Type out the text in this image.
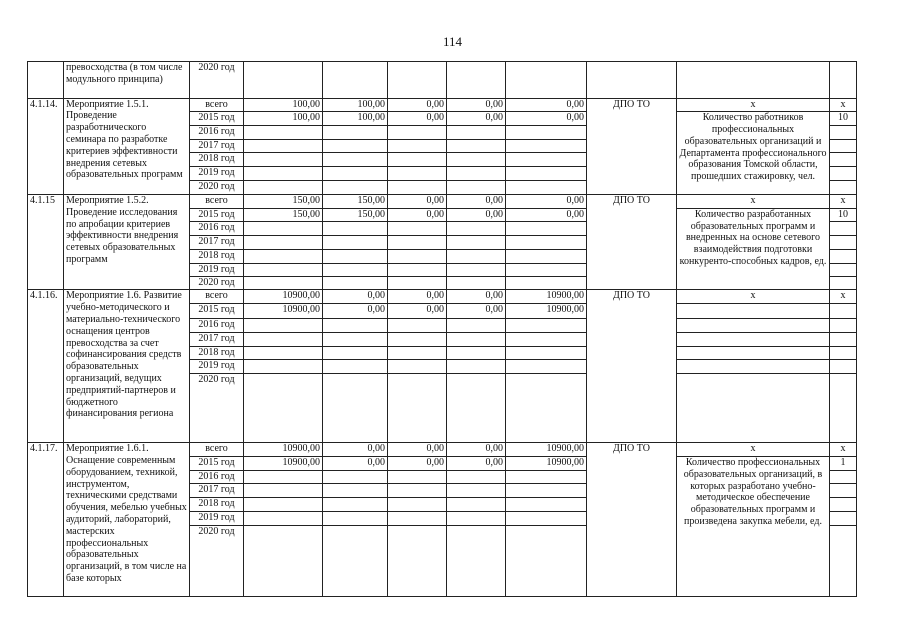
114
	превосходства (в том числе модульного принципа)	2020 год								
4.1.14.	Мероприятие 1.5.1. Проведение разработнического семинара по разработке критериев эффективности внедрения сетевых образовательных программ	всего	100,00	100,00	0,00	0,00	0,00	ДПО ТО	х	х
		2015 год	100,00	100,00	0,00	0,00	0,00		Количество работников профессиональных образовательных организаций и Департамента профессионального образования Томской области, прошедших стажировку, чел.	10
		2016 год								
		2017 год								
		2018 год								
		2019 год								
		2020 год								
4.1.15	Мероприятие 1.5.2. Проведение исследования по апробации критериев эффективности внедрения сетевых образовательных программ	всего	150,00	150,00	0,00	0,00	0,00	ДПО ТО	х	х
		2015 год	150,00	150,00	0,00	0,00	0,00		Количество разработанных образовательных программ и внедренных на основе сетевого взаимодействия подготовки конкуренто-способных кадров, ед.	10
		2016 год								
		2017 год								
		2018 год								
		2019 год								
		2020 год								
4.1.16.	Мероприятие 1.6. Развитие учебно-методического и материально-технического оснащения центров превосходства за счет софинансирования средств образовательных организаций, ведущих предприятий-партнеров и бюджетного финансирования региона	всего	10900,00	0,00	0,00	0,00	10900,00	ДПО ТО	х	х
		2015 год	10900,00	0,00	0,00	0,00	10900,00			
		2016 год								
		2017 год								
		2018 год								
		2019 год								
		2020 год								
4.1.17.	Мероприятие 1.6.1. Оснащение современным оборудованием, техникой, инструментом, техническими средствами обучения, мебелью учебных аудиторий, лабораторий, мастерских профессиональных образовательных организаций, в том числе на базе которых	всего	10900,00	0,00	0,00	0,00	10900,00	ДПО ТО	х	х
		2015 год	10900,00	0,00	0,00	0,00	10900,00		Количество профессиональных образовательных организаций, в которых разработано учебно-методическое обеспечение образовательных программ и произведена закупка мебели, ед.	1
		2016 год								
		2017 год								
		2018 год								
		2019 год								
		2020 год								
